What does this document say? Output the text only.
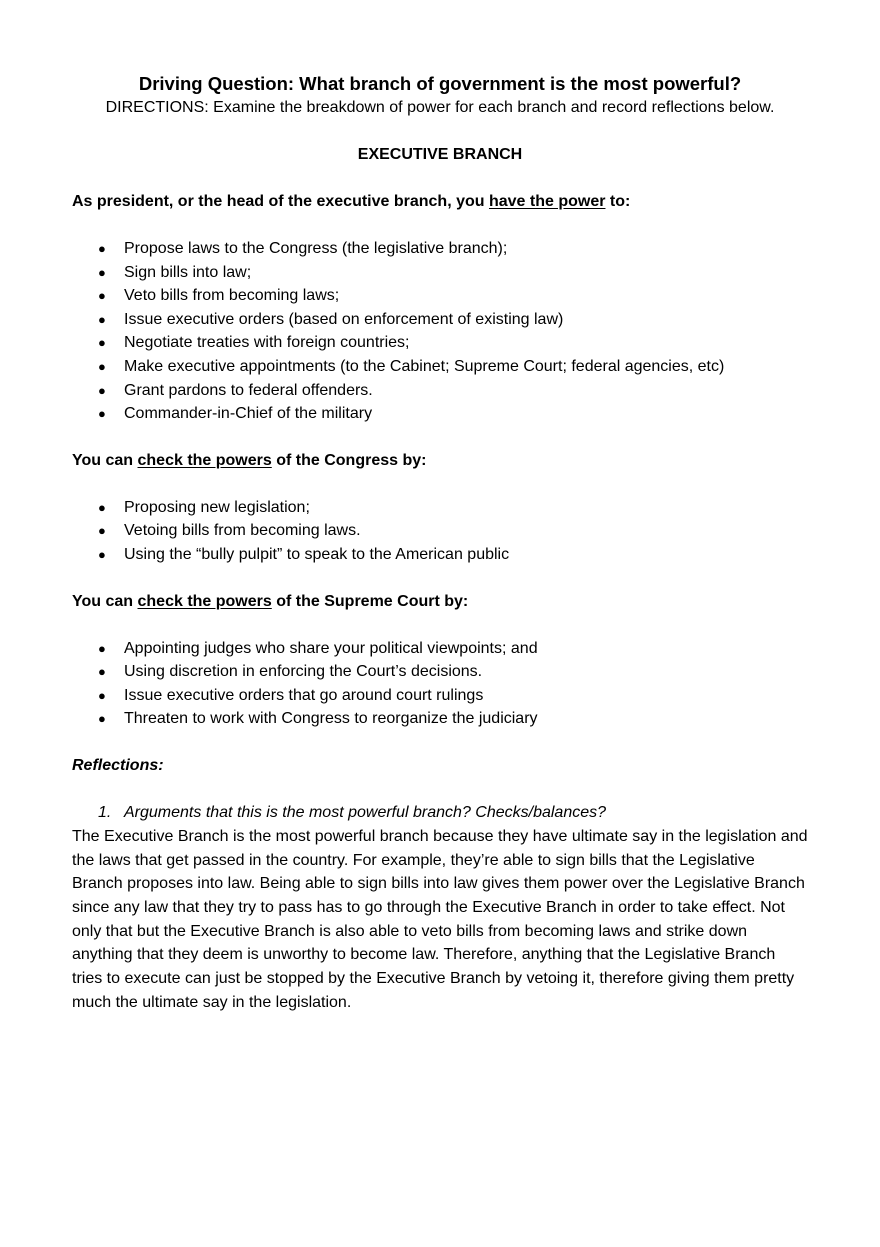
Driving Question: What branch of government is the most powerful?

DIRECTIONS: Examine the breakdown of power for each branch and record reflections below.

EXECUTIVE BRANCH

As president, or the head of the executive branch, you have the power to:

● Propose laws to the Congress (the legislative branch);
● Sign bills into law;
● Veto bills from becoming laws;
● Issue executive orders (based on enforcement of existing law)
● Negotiate treaties with foreign countries;
● Make executive appointments (to the Cabinet; Supreme Court; federal agencies, etc)
● Grant pardons to federal offenders.
● Commander-in-Chief of the military

You can check the powers of the Congress by:

● Proposing new legislation;
● Vetoing bills from becoming laws.
● Using the “bully pulpit” to speak to the American public

You can check the powers of the Supreme Court by:

● Appointing judges who share your political viewpoints; and
● Using discretion in enforcing the Court’s decisions.
● Issue executive orders that go around court rulings
● Threaten to work with Congress to reorganize the judiciary

Reflections:

1. Arguments that this is the most powerful branch? Checks/balances?

The Executive Branch is the most powerful branch because they have ultimate say in the legislation and the laws that get passed in the country. For example, they’re able to sign bills that the Legislative Branch proposes into law. Being able to sign bills into law gives them power over the Legislative Branch since any law that they try to pass has to go through the Executive Branch in order to take effect. Not only that but the Executive Branch is also able to veto bills from becoming laws and strike down anything that they deem is unworthy to become law. Therefore, anything that the Legislative Branch tries to execute can just be stopped by the Executive Branch by vetoing it, therefore giving them pretty much the ultimate say in the legislation.
